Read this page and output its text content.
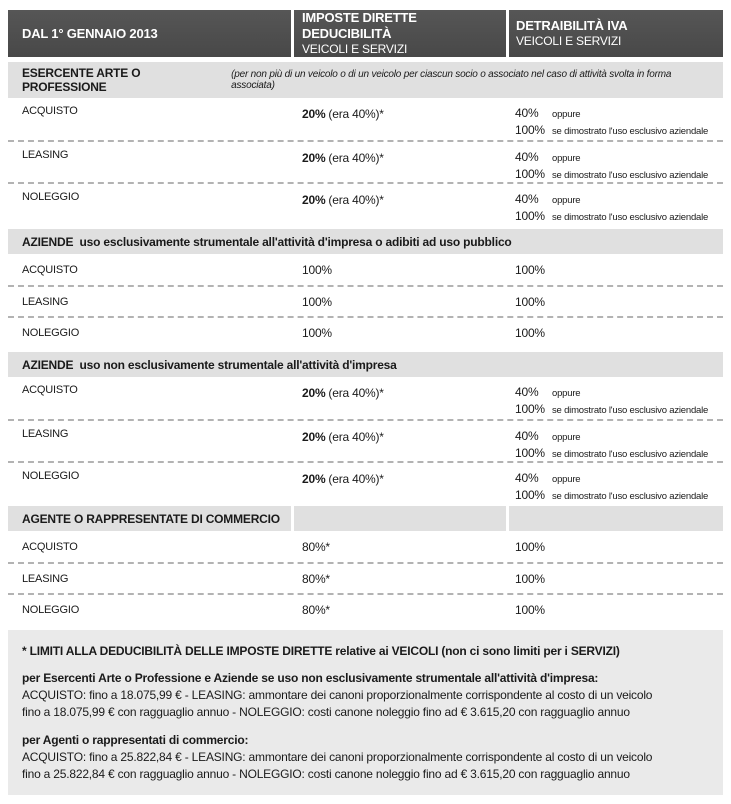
DAL 1° GENNAIO 2013
IMPOSTE DIRETTE DEDUCIBILITÀ
VEICOLI E SERVIZI
DETRAIBILITÀ IVA
VEICOLI E SERVIZI
ESERCENTE ARTE O PROFESSIONE
(per non più di un veicolo o di un veicolo per ciascun socio o associato nel caso di attività svolta in forma associata)
ACQUISTO	20% (era 40%)*	40% oppure
100% se dimostrato l'uso esclusivo aziendale
LEASING	20% (era 40%)*	40% oppure
100% se dimostrato l'uso esclusivo aziendale
NOLEGGIO	20% (era 40%)*	40% oppure
100% se dimostrato l'uso esclusivo aziendale
AZIENDE  uso esclusivamente strumentale all'attività d'impresa o adibiti ad uso pubblico
ACQUISTO	100%	100%
LEASING	100%	100%
NOLEGGIO	100%	100%
AZIENDE  uso non esclusivamente strumentale all'attività d'impresa
ACQUISTO	20% (era 40%)*	40% oppure
100% se dimostrato l'uso esclusivo aziendale
LEASING	20% (era 40%)*	40% oppure
100% se dimostrato l'uso esclusivo aziendale
NOLEGGIO	20% (era 40%)*	40% oppure
100% se dimostrato l'uso esclusivo aziendale
AGENTE O RAPPRESENTATE DI COMMERCIO
ACQUISTO	80%*	100%
LEASING	80%*	100%
NOLEGGIO	80%*	100%
* LIMITI ALLA DEDUCIBILITÀ DELLE IMPOSTE DIRETTE relative ai VEICOLI (non ci sono limiti per i SERVIZI)
per Esercenti Arte o Professione e Aziende se uso non esclusivamente strumentale all'attività d'impresa:
ACQUISTO: fino a 18.075,99 € - LEASING: ammontare dei canoni proporzionalmente corrispondente al costo di un veicolo
fino a 18.075,99 € con ragguaglio annuo - NOLEGGIO: costi canone noleggio fino ad € 3.615,20 con ragguaglio annuo
per Agenti o rappresentati di commercio:
ACQUISTO: fino a 25.822,84 € - LEASING: ammontare dei canoni proporzionalmente corrispondente al costo di un veicolo
fino a 25.822,84 € con ragguaglio annuo - NOLEGGIO: costi canone noleggio fino ad € 3.615,20 con ragguaglio annuo
